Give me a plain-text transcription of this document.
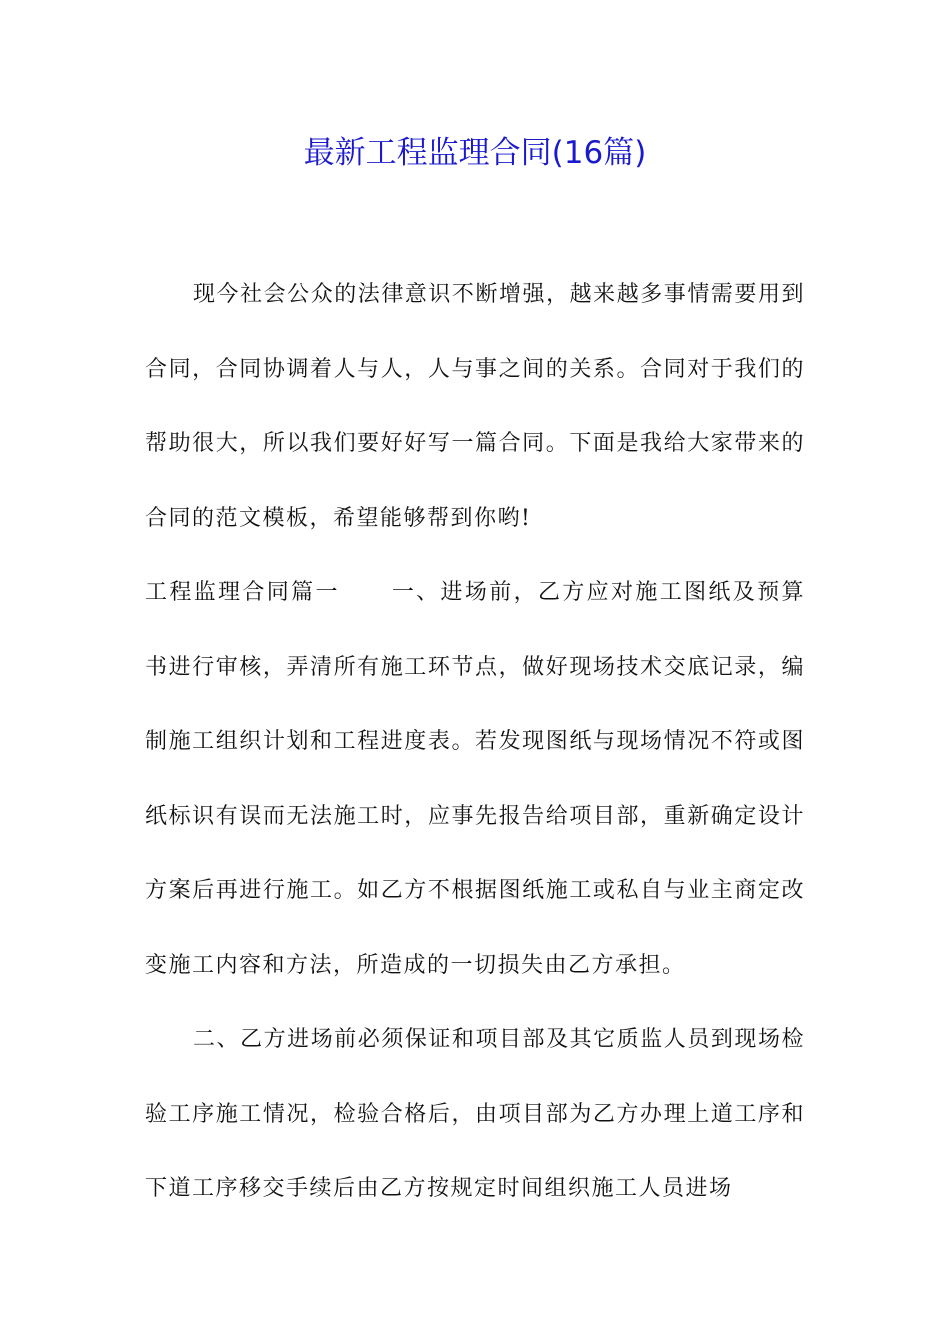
最新工程监理合同(16篇)

现今社会公众的法律意识不断增强，越来越多事情需要用到合同，合同协调着人与人，人与事之间的关系。合同对于我们的帮助很大，所以我们要好好写一篇合同。下面是我给大家带来的合同的范文模板，希望能够帮到你哟!

工程监理合同篇一 一、进场前，乙方应对施工图纸及预算书进行审核，弄清所有施工环节点，做好现场技术交底记录，编制施工组织计划和工程进度表。若发现图纸与现场情况不符或图纸标识有误而无法施工时，应事先报告给项目部，重新确定设计方案后再进行施工。如乙方不根据图纸施工或私自与业主商定改变施工内容和方法，所造成的一切损失由乙方承担。

二、乙方进场前必须保证和项目部及其它质监人员到现场检验工序施工情况，检验合格后，由项目部为乙方办理上道工序和下道工序移交手续后由乙方按规定时间组织施工人员进场
